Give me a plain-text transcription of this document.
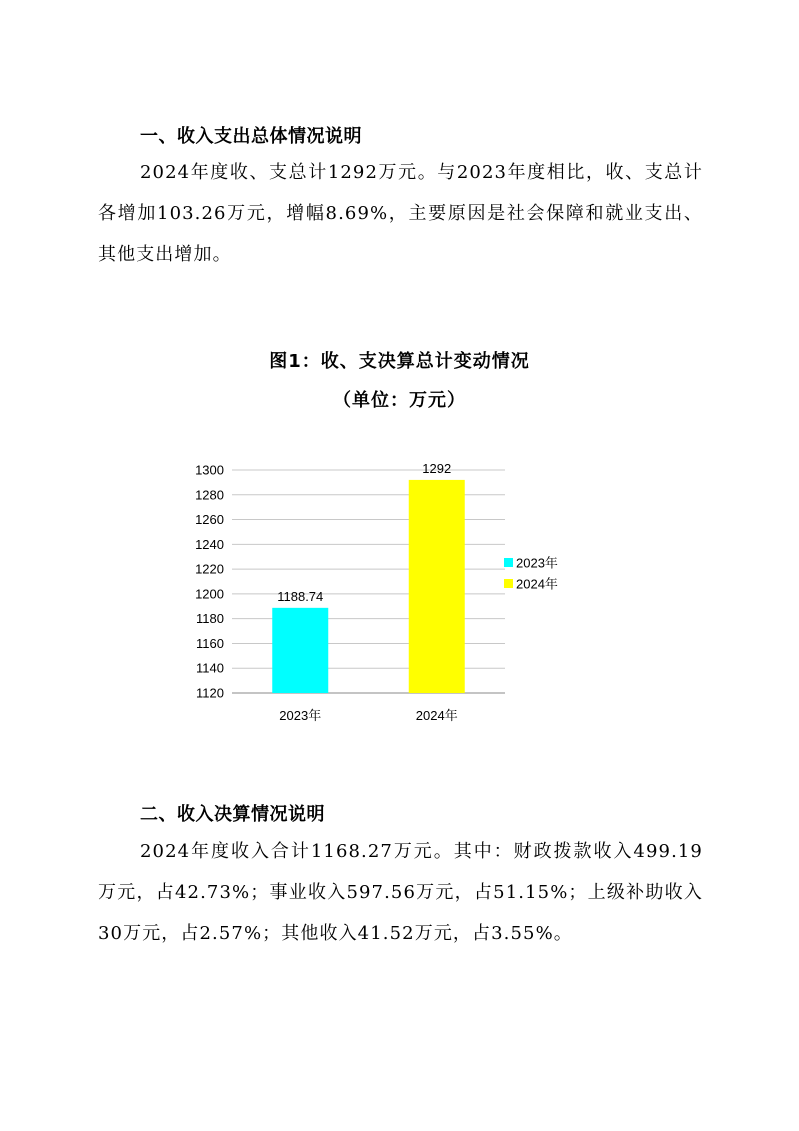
一、收入支出总体情况说明

2024年度收、支总计1292万元。与2023年度相比，收、支总计各增加103.26万元，增幅8.69%，主要原因是社会保障和就业支出、其他支出增加。

图1：收、支决算总计变动情况
（单位：万元）
1120
1140
1160
1180
1200
1220
1240
1260
1280
1300
1188.74
2023年
1292
2024年
2023年
2024年
二、收入决算情况说明

2024年度收入合计1168.27万元。其中：财政拨款收入499.19万元，占42.73%；事业收入597.56万元，占51.15%；上级补助收入30万元，占2.57%；其他收入41.52万元，占3.55%。
